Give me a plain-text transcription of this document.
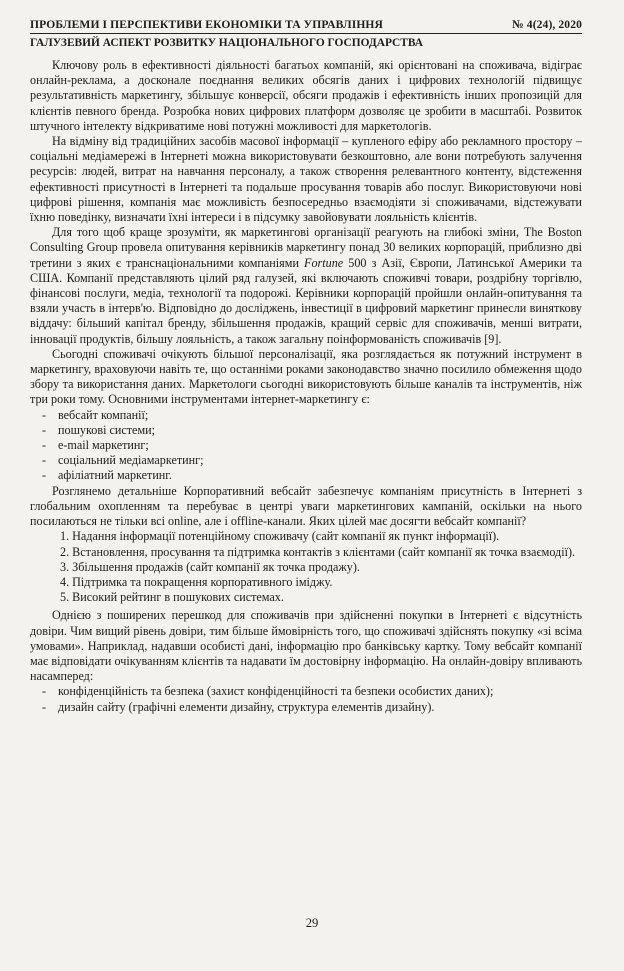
ПРОБЛЕМИ І ПЕРСПЕКТИВИ ЕКОНОМІКИ ТА УПРАВЛІННЯ	№ 4(24), 2020
ГАЛУЗЕВИЙ АСПЕКТ РОЗВИТКУ НАЦІОНАЛЬНОГО ГОСПОДАРСТВА

Ключову роль в ефективності діяльності багатьох компаній, які орієнтовані на споживача, відіграє онлайн-реклама, а досконале поєднання великих обсягів даних і цифрових технологій підвищує результативність маркетингу, збільшує конверсії, обсяги продажів і ефективність інших пропозицій для клієнтів певного бренда. Розробка нових цифрових платформ дозволяє це зробити в масштабі. Розвиток штучного інтелекту відкриватиме нові потужні можливості для маркетологів.

На відміну від традиційних засобів масової інформації – купленого ефіру або рекламного простору – соціальні медіамережі в Інтернеті можна використовувати безкоштовно, але вони потребують залучення ресурсів: людей, витрат на навчання персоналу, а також створення релевантного контенту, відстеження ефективності присутності в Інтернеті та подальше просування товарів або послуг. Використовуючи нові цифрові рішення, компанія має можливість безпосередньо взаємодіяти зі споживачами, відстежувати їхню поведінку, визначати їхні інтереси і в підсумку завойовувати лояльність клієнтів.

Для того щоб краще зрозуміти, як маркетингові організації реагують на глибокі зміни, The Boston Consulting Group провела опитування керівників маркетингу понад 30 великих корпорацій, приблизно дві третини з яких є транснаціональними компаніями Fortune 500 з Азії, Європи, Латинської Америки та США. Компанії представляють цілий ряд галузей, які включають споживчі товари, роздрібну торгівлю, фінансові послуги, медіа, технології та подорожі. Керівники корпорацій пройшли онлайн-опитування та взяли участь в інтерв'ю. Відповідно до досліджень, інвестиції в цифровий маркетинг принесли виняткову віддачу: більший капітал бренду, збільшення продажів, кращий сервіс для споживачів, менші витрати, інновації продуктів, більшу лояльність, а також загальну поінформованість споживачів [9].

Сьогодні споживачі очікують більшої персоналізації, яка розглядається як потужний інструмент в маркетингу, враховуючи навіть те, що останніми роками законодавство значно посилило обмеження щодо збору та використання даних. Маркетологи сьогодні використовують більше каналів та інструментів, ніж три роки тому. Основними інструментами інтернет-маркетингу є:

- вебсайт компанії;
- пошукові системи;
- e-mail маркетинг;
- соціальний медіамаркетинг;
- афіліатний маркетинг.

Розглянемо детальніше Корпоративний вебсайт забезпечує компаніям присутність в Інтернеті з глобальним охопленням та перебуває в центрі уваги маркетингових кампаній, оскільки на нього посилаються не тільки всі online, але і offline-канали. Яких цілей має досягти вебсайт компанії?

1. Надання інформації потенційному споживачу (сайт компанії як пункт інформації).
2. Встановлення, просування та підтримка контактів з клієнтами (сайт компанії як точка взаємодії).
3. Збільшення продажів (сайт компанії як точка продажу).
4. Підтримка та покращення корпоративного іміджу.
5. Високий рейтинг в пошукових системах.

Однією з поширених перешкод для споживачів при здійсненні покупки в Інтернеті є відсутність довіри. Чим вищий рівень довіри, тим більше ймовірність того, що споживачі здійснять покупку «зі всіма умовами». Наприклад, надавши особисті дані, інформацію про банківську картку. Тому вебсайт компанії має відповідати очікуванням клієнтів та надавати їм достовірну інформацію. На онлайн-довіру впливають насамперед:

- конфіденційність та безпека (захист конфіденційності та безпеки особистих даних);
- дизайн сайту (графічні елементи дизайну, структура елементів дизайну).
29
